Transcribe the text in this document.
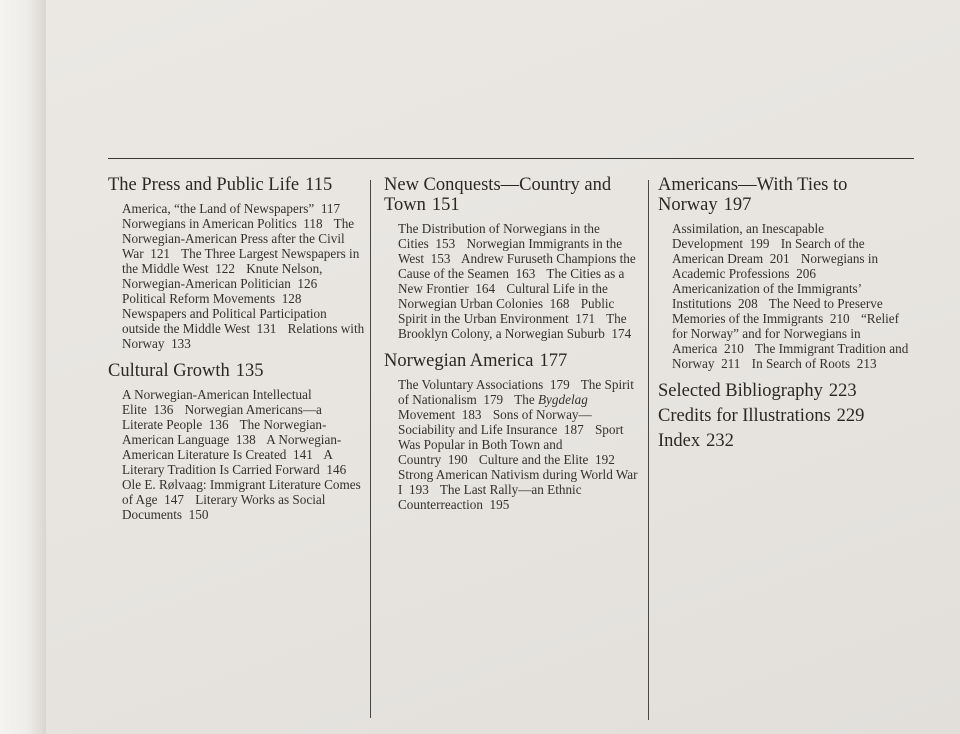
The Press and Public Life 115
America, “the Land of Newspapers”  117 Norwegians in American Politics  118 The Norwegian-American Press after the Civil War  121 The Three Largest Newspapers in the Middle West  122 Knute Nelson, Norwegian-American Politician  126 Political Reform Movements  128 Newspapers and Political Participation outside the Middle West  131 Relations with Norway  133
Cultural Growth 135
A Norwegian-American Intellectual Elite  136 Norwegian Americans—a Literate People  136 The Norwegian-American Language  138 A Norwegian-American Literature Is Created  141 A Literary Tradition Is Carried Forward  146 Ole E. Rølvaag: Immigrant Literature Comes of Age  147 Literary Works as Social Documents  150
New Conquests—Country and Town 151
The Distribution of Norwegians in the Cities  153 Norwegian Immigrants in the West  153 Andrew Furuseth Champions the Cause of the Seamen  163 The Cities as a New Frontier  164 Cultural Life in the Norwegian Urban Colonies  168 Public Spirit in the Urban Environment  171 The Brooklyn Colony, a Norwegian Suburb  174
Norwegian America 177
The Voluntary Associations  179 The Spirit of Nationalism  179 The Bygdelag Movement  183 Sons of Norway—Sociability and Life Insurance  187 Sport Was Popular in Both Town and Country  190 Culture and the Elite  192 Strong American Nativism during World War I  193 The Last Rally—an Ethnic Counterreaction  195
Americans—With Ties to Norway 197
Assimilation, an Inescapable Development  199 In Search of the American Dream  201 Norwegians in Academic Professions  206 Americanization of the Immigrants’ Institutions  208 The Need to Preserve Memories of the Immigrants  210 “Relief for Norway” and for Norwegians in America  210 The Immigrant Tradition and Norway  211 In Search of Roots  213
Selected Bibliography 223
Credits for Illustrations 229
Index 232
